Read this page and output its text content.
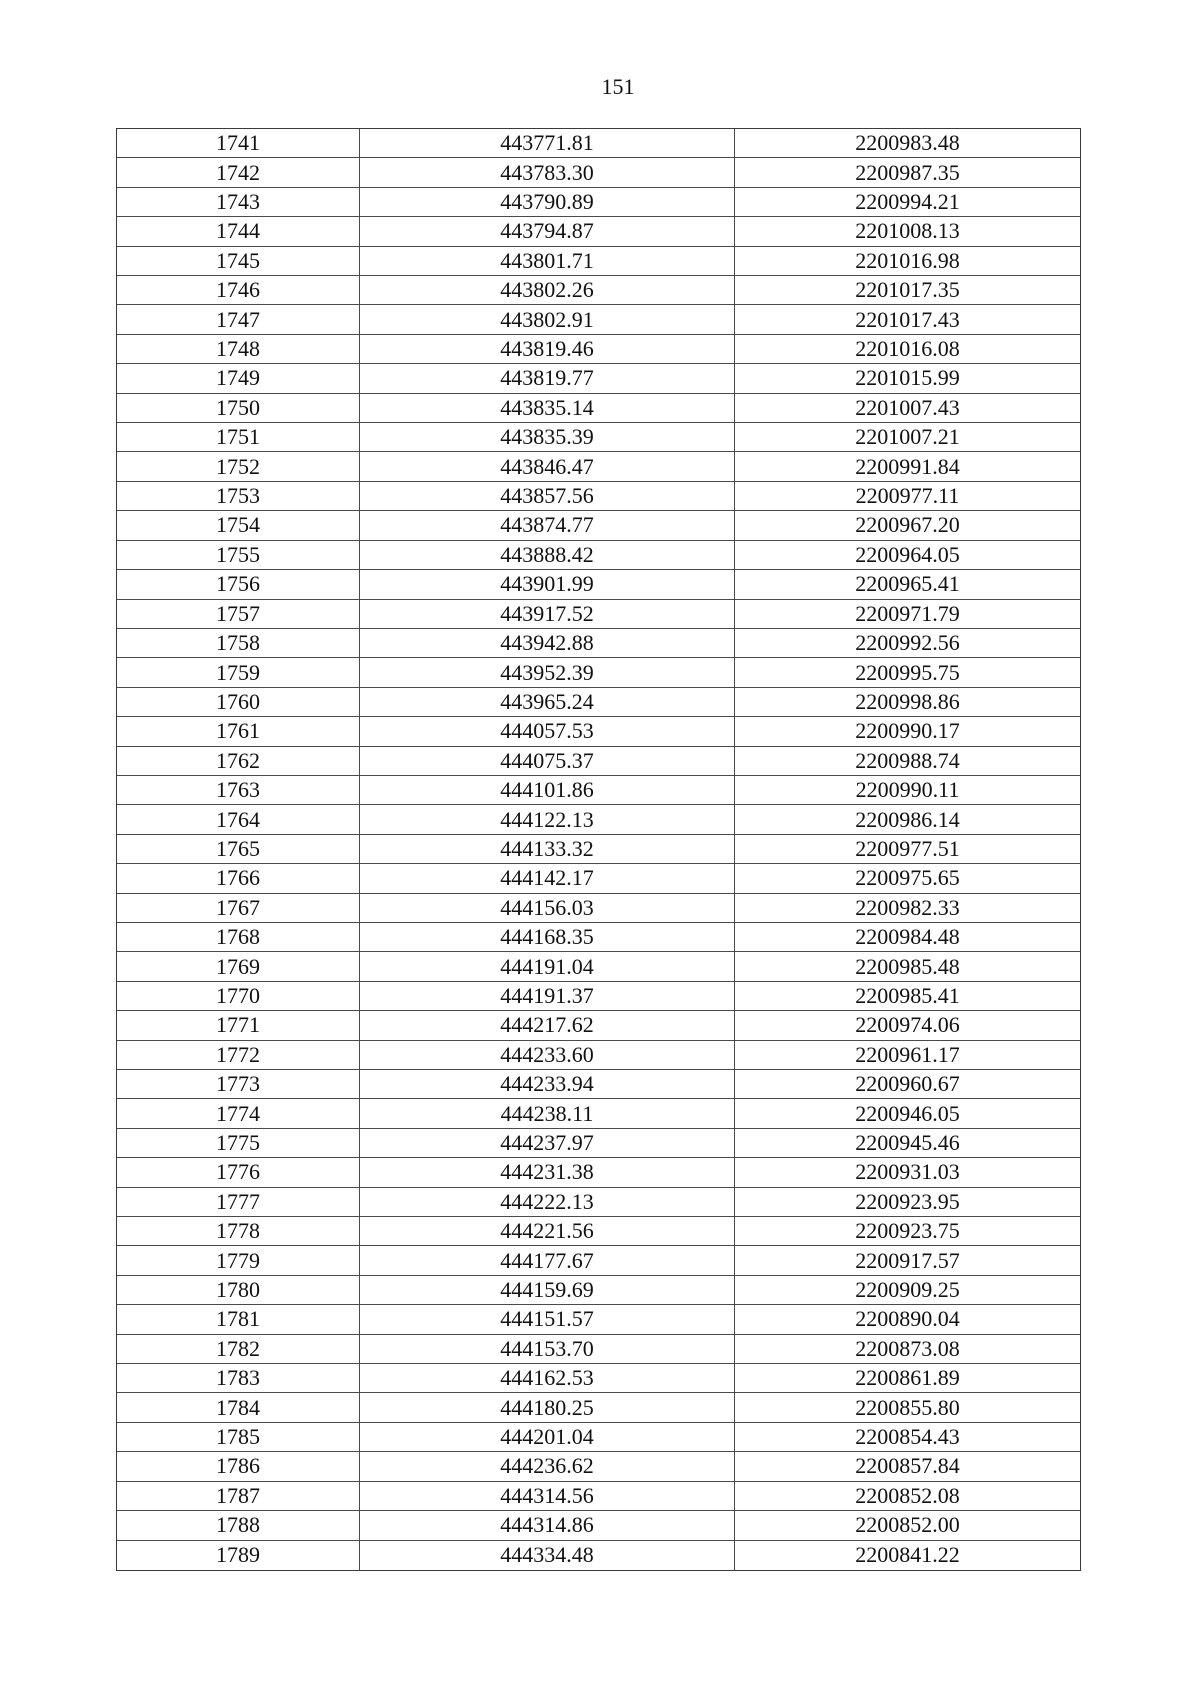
151
1741	443771.81	2200983.48
1742	443783.30	2200987.35
1743	443790.89	2200994.21
1744	443794.87	2201008.13
1745	443801.71	2201016.98
1746	443802.26	2201017.35
1747	443802.91	2201017.43
1748	443819.46	2201016.08
1749	443819.77	2201015.99
1750	443835.14	2201007.43
1751	443835.39	2201007.21
1752	443846.47	2200991.84
1753	443857.56	2200977.11
1754	443874.77	2200967.20
1755	443888.42	2200964.05
1756	443901.99	2200965.41
1757	443917.52	2200971.79
1758	443942.88	2200992.56
1759	443952.39	2200995.75
1760	443965.24	2200998.86
1761	444057.53	2200990.17
1762	444075.37	2200988.74
1763	444101.86	2200990.11
1764	444122.13	2200986.14
1765	444133.32	2200977.51
1766	444142.17	2200975.65
1767	444156.03	2200982.33
1768	444168.35	2200984.48
1769	444191.04	2200985.48
1770	444191.37	2200985.41
1771	444217.62	2200974.06
1772	444233.60	2200961.17
1773	444233.94	2200960.67
1774	444238.11	2200946.05
1775	444237.97	2200945.46
1776	444231.38	2200931.03
1777	444222.13	2200923.95
1778	444221.56	2200923.75
1779	444177.67	2200917.57
1780	444159.69	2200909.25
1781	444151.57	2200890.04
1782	444153.70	2200873.08
1783	444162.53	2200861.89
1784	444180.25	2200855.80
1785	444201.04	2200854.43
1786	444236.62	2200857.84
1787	444314.56	2200852.08
1788	444314.86	2200852.00
1789	444334.48	2200841.22
